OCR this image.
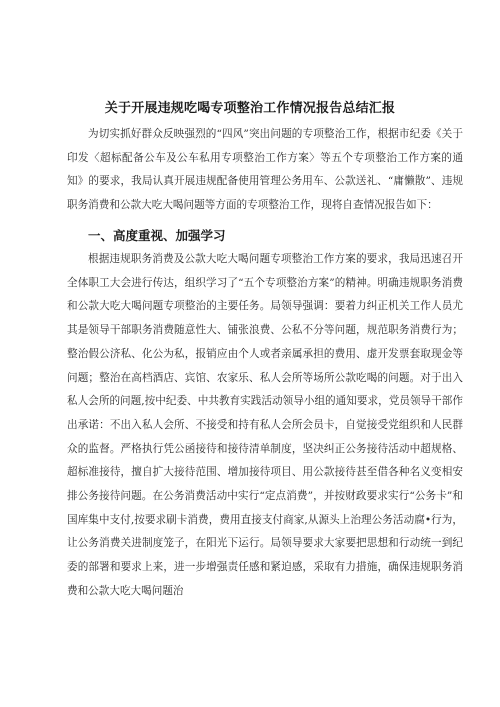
关于开展违规吃喝专项整治工作情况报告总结汇报

为切实抓好群众反映强烈的“四风”突出问题的专项整治工作，根据市纪委《关于印发〈超标配备公车及公车私用专项整治工作方案〉等五个专项整治工作方案的通知》的要求，我局认真开展违规配备使用管理公务用车、公款送礼、“庸懒散”、违规职务消费和公款大吃大喝问题等方面的专项整治工作，现将自查情况报告如下：

一、高度重视、加强学习

根据违规职务消费及公款大吃大喝问题专项整治工作方案的要求，我局迅速召开全体职工大会进行传达，组织学习了“五个专项整治方案”的精神。明确违规职务消费和公款大吃大喝问题专项整治的主要任务。局领导强调：要着力纠正机关工作人员尤其是领导干部职务消费随意性大、铺张浪费、公私不分等问题，规范职务消费行为；整治假公济私、化公为私，报销应由个人或者亲属承担的费用、虚开发票套取现金等问题；整治在高档酒店、宾馆、农家乐、私人会所等场所公款吃喝的问题。对于出入私人会所的问题,按中纪委、中共教育实践活动领导小组的通知要求，党员领导干部作出承诺：不出入私人会所、不接受和持有私人会所会员卡，自觉接受党组织和人民群众的监督。严格执行凭公函接待和接待清单制度，坚决纠正公务接待活动中超规格、超标准接待，擅自扩大接待范围、增加接待项目、用公款接待甚至借各种名义变相安排公务接待问题。在公务消费活动中实行“定点消费”，并按财政要求实行“公务卡”和国库集中支付,按要求刷卡消费，费用直接支付商家,从源头上治理公务活动腐•行为，让公务消费关进制度笼子，在阳光下运行。局领导要求大家要把思想和行动统一到纪委的部署和要求上来，进一步增强责任感和紧迫感，采取有力措施，确保违规职务消费和公款大吃大喝问题治
